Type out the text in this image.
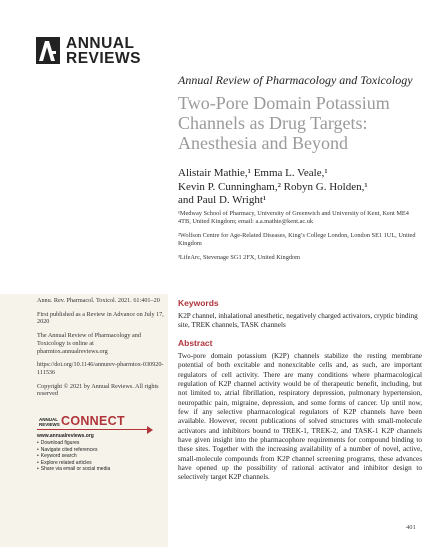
ANNUAL
REVIEWS
Annual Review of Pharmacology and Toxicology
Two-Pore Domain Potassium
Channels as Drug Targets:
Anesthesia and Beyond
Alistair Mathie,¹ Emma L. Veale,¹
Kevin P. Cunningham,² Robyn G. Holden,¹
and Paul D. Wright¹

¹Medway School of Pharmacy, University of Greenwich and University of Kent, Kent ME4 4TB, United Kingdom; email: a.a.mathie@kent.ac.uk

²Wolfson Centre for Age-Related Diseases, King’s College London, London SE1 1UL, United Kingdom

³LifeArc, Stevenage SG1 2FX, United Kingdom

Annu. Rev. Pharmacol. Toxicol. 2021. 61:401–20

First published as a Review in Advance on July 17, 2020

The Annual Review of Pharmacology and Toxicology is online at pharmtox.annualreviews.org

https://doi.org/10.1146/annurev-pharmtox-030920-111536

Copyright © 2021 by Annual Reviews. All rights reserved

ANNUAL
REVIEWS CONNECT
www.annualreviews.org
• Download figures
• Navigate cited references
• Keyword search
• Explore related articles
• Share via email or social media
Keywords
K2P channel, inhalational anesthetic, negatively charged activators, cryptic binding site, TREK channels, TASK channels
Abstract
Two-pore domain potassium (K2P) channels stabilize the resting membrane potential of both excitable and nonexcitable cells and, as such, are important regulators of cell activity. There are many conditions where pharmacological regulation of K2P channel activity would be of therapeutic benefit, including, but not limited to, atrial fibrillation, respiratory depression, pulmonary hypertension, neuropathic pain, migraine, depression, and some forms of cancer. Up until now, few if any selective pharmacological regulators of K2P channels have been available. However, recent publications of solved structures with small-molecule activators and inhibitors bound to TREK-1, TREK-2, and TASK-1 K2P channels have given insight into the pharmacophore requirements for compound binding to these sites. Together with the increasing availability of a number of novel, active, small-molecule compounds from K2P channel screening programs, these advances have opened up the possibility of rational activator and inhibitor design to selectively target K2P channels.
401
